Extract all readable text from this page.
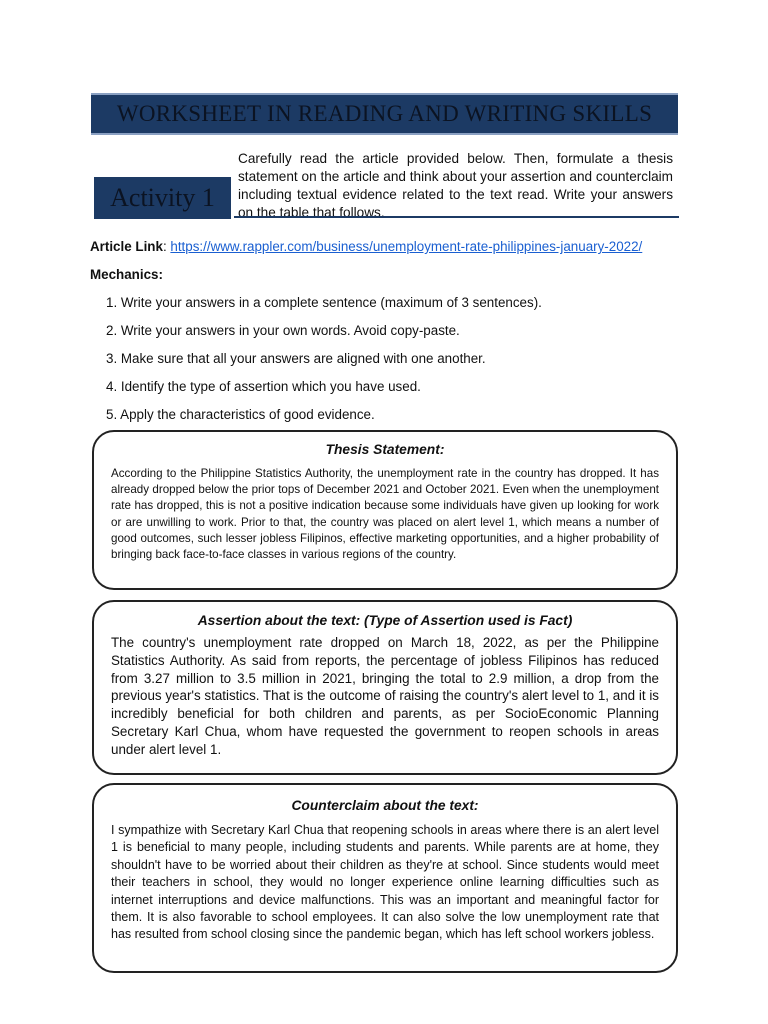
WORKSHEET IN READING AND WRITING SKILLS
Activity 1
Carefully read the article provided below. Then, formulate a thesis statement on the article and think about your assertion and counterclaim including textual evidence related to the text read. Write your answers on the table that follows.
Article Link: https://www.rappler.com/business/unemployment-rate-philippines-january-2022/
Mechanics:
1. Write your answers in a complete sentence (maximum of 3 sentences).
2. Write your answers in your own words. Avoid copy-paste.
3. Make sure that all your answers are aligned with one another.
4. Identify the type of assertion which you have used.
5. Apply the characteristics of good evidence.

Thesis Statement:

According to the Philippine Statistics Authority, the unemployment rate in the country has dropped. It has already dropped below the prior tops of December 2021 and October 2021. Even when the unemployment rate has dropped, this is not a positive indication because some individuals have given up looking for work or are unwilling to work. Prior to that, the country was placed on alert level 1, which means a number of good outcomes, such lesser jobless Filipinos, effective marketing opportunities, and a higher probability of bringing back face-to-face classes in various regions of the country.

Assertion about the text: (Type of Assertion used is Fact)

The country's unemployment rate dropped on March 18, 2022, as per the Philippine Statistics Authority. As said from reports, the percentage of jobless Filipinos has reduced from 3.27 million to 3.5 million in 2021, bringing the total to 2.9 million, a drop from the previous year's statistics. That is the outcome of raising the country's alert level to 1, and it is incredibly beneficial for both children and parents, as per SocioEconomic Planning Secretary Karl Chua, whom have requested the government to reopen schools in areas under alert level 1.

Counterclaim about the text:

I sympathize with Secretary Karl Chua that reopening schools in areas where there is an alert level 1 is beneficial to many people, including students and parents. While parents are at home, they shouldn't have to be worried about their children as they're at school. Since students would meet their teachers in school, they would no longer experience online learning difficulties such as internet interruptions and device malfunctions. This was an important and meaningful factor for them. It is also favorable to school employees. It can also solve the low unemployment rate that has resulted from school closing since the pandemic began, which has left school workers jobless.
